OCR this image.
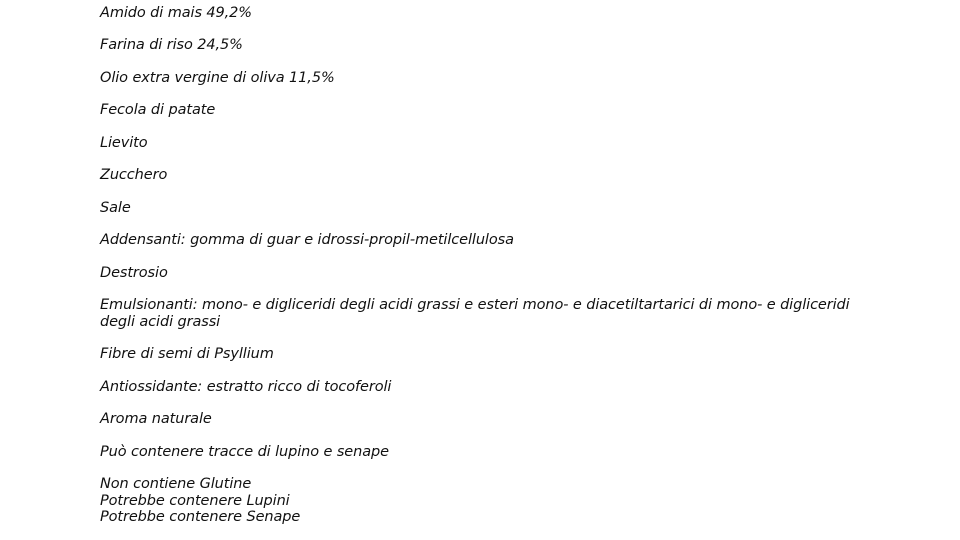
Amido di mais 49,2%
Farina di riso 24,5%
Olio extra vergine di oliva 11,5%
Fecola di patate
Lievito
Zucchero
Sale
Addensanti: gomma di guar e idrossi-propil-metilcellulosa
Destrosio
Emulsionanti: mono- e digliceridi degli acidi grassi e esteri mono- e diacetiltartarici di mono- e digliceridi degli acidi grassi
Fibre di semi di Psyllium
Antiossidante: estratto ricco di tocoferoli
Aroma naturale
Può contenere tracce di lupino e senape
Non contiene Glutine
Potrebbe contenere Lupini
Potrebbe contenere Senape
